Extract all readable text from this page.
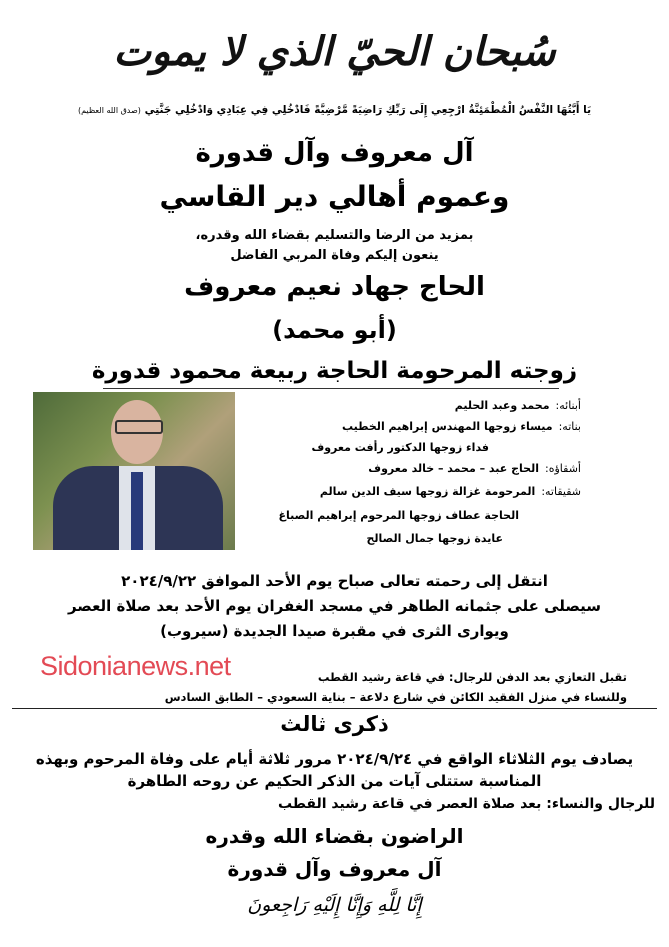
سُبحان الحيّ الذي لا يموت
يَا أَيَّتُهَا النَّفْسُ الْمُطْمَئِنَّةُ ارْجِعِي إِلَى رَبِّكِ رَاضِيَةً مَّرْضِيَّةً فَادْخُلِي فِي عِبَادِي وَادْخُلِي جَنَّتِي (صدق الله العظيم)
آل معروف وآل قدورة
وعموم أهالي دير القاسي
بمزيد من الرضا والتسليم بقضاء الله وقدره،
ينعون إليكم وفاة المربي الفاضل
الحاج جهاد نعيم معروف
(أبو محمد)
زوجته المرحومة الحاجة ربيعة محمود قدورة
أبنائه:محمد وعبد الحليم
بناته:ميساء زوجها المهندس إبراهيم الخطيب
فداء زوجها الدكتور رأفت معروف
أشقاؤه:الحاج عبد – محمد – خالد معروف
شقيقاته:المرحومة غزالة زوجها سيف الدين سالم
الحاجة عطاف زوجها المرحوم إبراهيم الصباغ
عايدة زوجها جمال الصالح
انتقل إلى رحمته تعالى صباح يوم الأحد الموافق ٢٠٢٤/٩/٢٢
سيصلى على جثمانه الطاهر في مسجد الغفران يوم الأحد بعد صلاة العصر
ويوارى الثرى في مقبرة صيدا الجديدة (سيروب)
Sidonianews.net	تقبل التعازي بعد الدفن للرجال: في قاعة رشيد القطب
وللنساء في منزل الفقيد الكائن في شارع دلاعة – بناية السعودي – الطابق السادس
ذكرى ثالث
يصادف يوم الثلاثاء الواقع في ٢٠٢٤/٩/٢٤ مرور ثلاثة أيام على وفاة المرحوم وبهذه
المناسبة ستتلى آيات من الذكر الحكيم عن روحه الطاهرة
للرجال والنساء: بعد صلاة العصر في قاعة رشيد القطب
الراضون بقضاء الله وقدره
آل معروف وآل قدورة
إِنَّا لِلَّهِ وَإِنَّا إِلَيْهِ رَاجِعونَ
